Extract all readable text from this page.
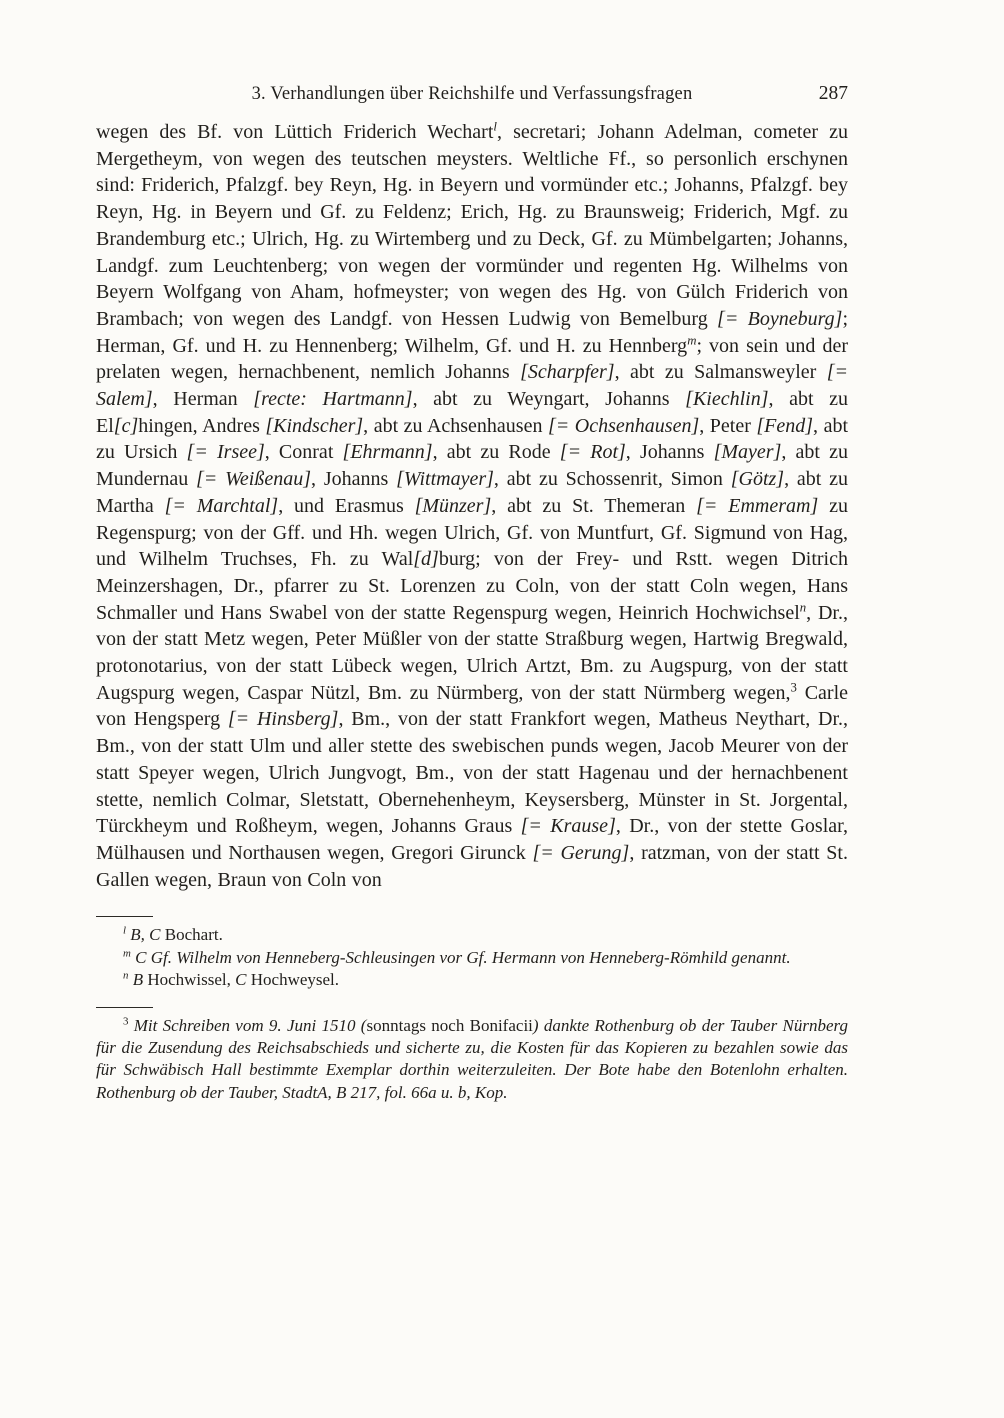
3. Verhandlungen über Reichshilfe und Verfassungsfragen	287

wegen des Bf. von Lüttich Friderich Wechart$^l$, secretari; Johann Adelman, cometer zu Mergetheym, von wegen des teutschen meysters. Weltliche Ff., so personlich erschynen sind: Friderich, Pfalzgf. bey Reyn, Hg. in Beyern und vormünder etc.; Johanns, Pfalzgf. bey Reyn, Hg. in Beyern und Gf. zu Feldenz; Erich, Hg. zu Braunsweig; Friderich, Mgf. zu Brandemburg etc.; Ulrich, Hg. zu Wirtemberg und zu Deck, Gf. zu Mümbelgarten; Johanns, Landgf. zum Leuchtenberg; von wegen der vormünder und regenten Hg. Wilhelms von Beyern Wolfgang von Aham, hofmeyster; von wegen des Hg. von Gülch Friderich von Brambach; von wegen des Landgf. von Hessen Ludwig von Bemelburg [= Boyneburg]; Herman, Gf. und H. zu Hennenberg; Wilhelm, Gf. und H. zu Hennberg$^m$; von sein und der prelaten wegen, hernachbenent, nemlich Johanns [Scharpfer], abt zu Salmansweyler [= Salem], Herman [recte: Hartmann], abt zu Weyngart, Johanns [Kiechlin], abt zu El[c]hingen, Andres [Kindscher], abt zu Achsenhausen [= Ochsenhausen], Peter [Fend], abt zu Ursich [= Irsee], Conrat [Ehrmann], abt zu Rode [= Rot], Johanns [Mayer], abt zu Mundernau [= Weißenau], Johanns [Wittmayer], abt zu Schossenrit, Simon [Götz], abt zu Martha [= Marchtal], und Erasmus [Münzer], abt zu St. Themeran [= Emmeram] zu Regenspurg; von der Gff. und Hh. wegen Ulrich, Gf. von Muntfurt, Gf. Sigmund von Hag, und Wilhelm Truchses, Fh. zu Wal[d]burg; von der Frey- und Rstt. wegen Ditrich Meinzershagen, Dr., pfarrer zu St. Lorenzen zu Coln, von der statt Coln wegen, Hans Schmaller und Hans Swabel von der statte Regenspurg wegen, Heinrich Hochwichsel$^n$, Dr., von der statt Metz wegen, Peter Müßler von der statte Straßburg wegen, Hartwig Bregwald, protonotarius, von der statt Lübeck wegen, Ulrich Artzt, Bm. zu Augspurg, von der statt Augspurg wegen, Caspar Nützl, Bm. zu Nürmberg, von der statt Nürmberg wegen,$^3$ Carle von Hengsperg [= Hinsberg], Bm., von der statt Frankfort wegen, Matheus Neythart, Dr., Bm., von der statt Ulm und aller stette des swebischen punds wegen, Jacob Meurer von der statt Speyer wegen, Ulrich Jungvogt, Bm., von der statt Hagenau und der hernachbenent stette, nemlich Colmar, Sletstatt, Obernehenheym, Keysersberg, Münster in St. Jorgental, Türckheym und Roßheym, wegen, Johanns Graus [= Krause], Dr., von der stette Goslar, Mülhausen und Northausen wegen, Gregori Girunck [= Gerung], ratzman, von der statt St. Gallen wegen, Braun von Coln von

$^l$ B, C Bochart.

$^m$ C Gf. Wilhelm von Henneberg-Schleusingen vor Gf. Hermann von Henneberg-Römhild genannt.

$^n$ B Hochwissel, C Hochweysel.

$^3$ Mit Schreiben vom 9. Juni 1510 (sonntags noch Bonifacii) dankte Rothenburg ob der Tauber Nürnberg für die Zusendung des Reichsabschieds und sicherte zu, die Kosten für das Kopieren zu bezahlen sowie das für Schwäbisch Hall bestimmte Exemplar dorthin weiterzuleiten. Der Bote habe den Botenlohn erhalten. Rothenburg ob der Tauber, StadtA, B 217, fol. 66a u. b, Kop.
